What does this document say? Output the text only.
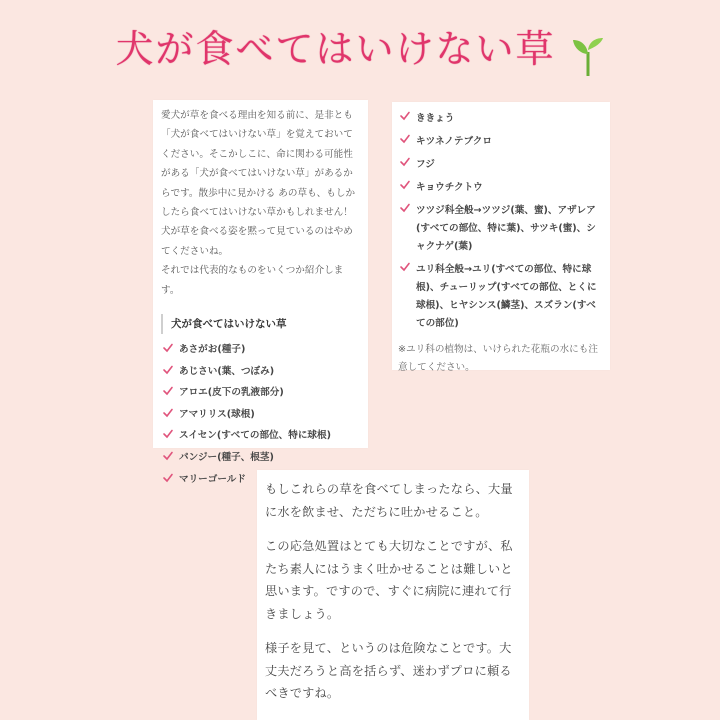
犬が食べてはいけない草

愛犬が草を食べる理由を知る前に、是非とも「犬が食べてはいけない草」を覚えておいてください。そこかしこに、命に関わる可能性がある「犬が食べてはいけない草」があるからです。散歩中に見かける あの草も、もしかしたら食べてはいけない草かもしれません！犬が草を食べる姿を黙って見ているのはやめてくださいね。
それでは代表的なものをいくつか紹介します。

犬が食べてはいけない草
あさがお(種子)
あじさい(葉、つぼみ)
アロエ(皮下の乳液部分)
アマリリス(球根)
スイセン(すべての部位、特に球根)
パンジー(種子、根茎)
マリーゴールド
ききょう
キツネノテブクロ
フジ
キョウチクトウ
ツツジ科全般→ツツジ(葉、蜜)、アザレア(すべての部位、特に葉)、サツキ(蜜)、シャクナゲ(葉)
ユリ科全般→ユリ(すべての部位、特に球根)、チューリップ(すべての部位、とくに球根)、ヒヤシンス(鱗茎)、スズラン(すべての部位)
※ユリ科の植物は、いけられた花瓶の水にも注意してください。

もしこれらの草を食べてしまったなら、大量に水を飲ませ、ただちに吐かせること。

この応急処置はとても大切なことですが、私たち素人にはうまく吐かせることは難しいと思います。ですので、すぐに病院に連れて行きましょう。

様子を見て、というのは危険なことです。大丈夫だろうと高を括らず、迷わずプロに頼るべきですね。
